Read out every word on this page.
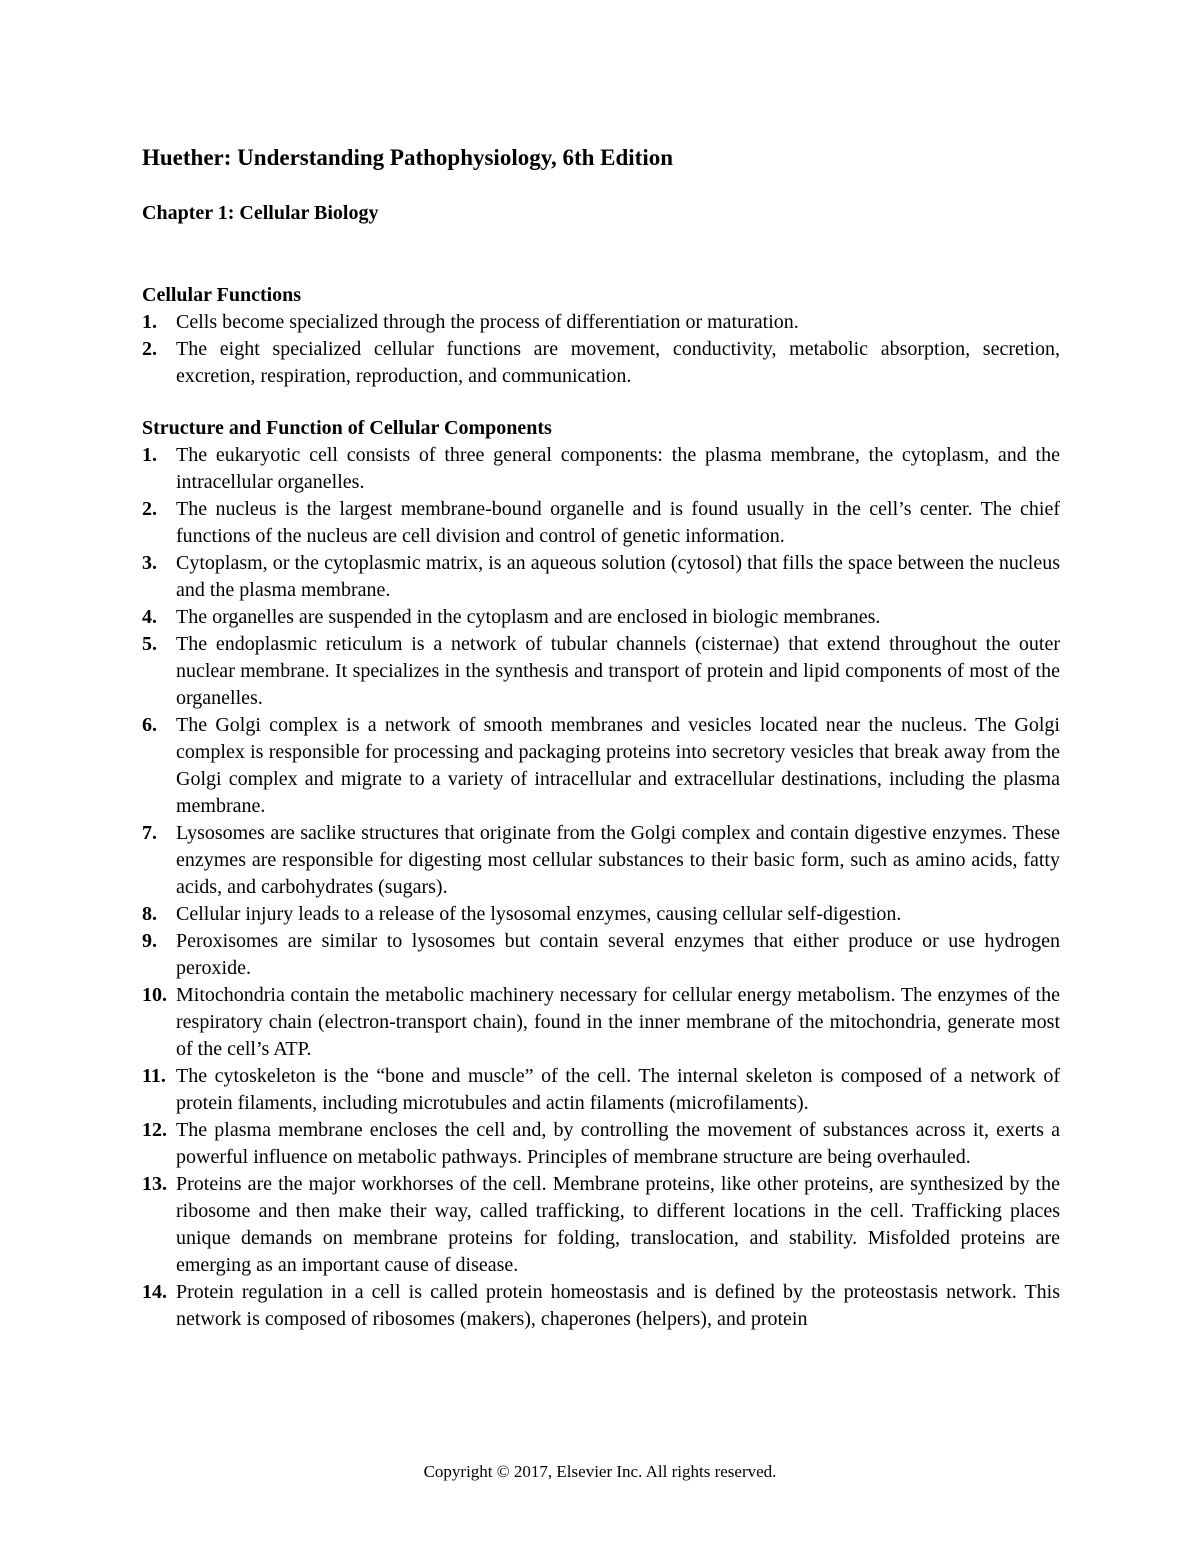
Huether: Understanding Pathophysiology, 6th Edition
Chapter 1: Cellular Biology
Cellular Functions
1. Cells become specialized through the process of differentiation or maturation.
2. The eight specialized cellular functions are movement, conductivity, metabolic absorption, secretion, excretion, respiration, reproduction, and communication.
Structure and Function of Cellular Components
1. The eukaryotic cell consists of three general components: the plasma membrane, the cytoplasm, and the intracellular organelles.
2. The nucleus is the largest membrane-bound organelle and is found usually in the cell’s center. The chief functions of the nucleus are cell division and control of genetic information.
3. Cytoplasm, or the cytoplasmic matrix, is an aqueous solution (cytosol) that fills the space between the nucleus and the plasma membrane.
4. The organelles are suspended in the cytoplasm and are enclosed in biologic membranes.
5. The endoplasmic reticulum is a network of tubular channels (cisternae) that extend throughout the outer nuclear membrane. It specializes in the synthesis and transport of protein and lipid components of most of the organelles.
6. The Golgi complex is a network of smooth membranes and vesicles located near the nucleus. The Golgi complex is responsible for processing and packaging proteins into secretory vesicles that break away from the Golgi complex and migrate to a variety of intracellular and extracellular destinations, including the plasma membrane.
7. Lysosomes are saclike structures that originate from the Golgi complex and contain digestive enzymes. These enzymes are responsible for digesting most cellular substances to their basic form, such as amino acids, fatty acids, and carbohydrates (sugars).
8. Cellular injury leads to a release of the lysosomal enzymes, causing cellular self-digestion.
9. Peroxisomes are similar to lysosomes but contain several enzymes that either produce or use hydrogen peroxide.
10. Mitochondria contain the metabolic machinery necessary for cellular energy metabolism. The enzymes of the respiratory chain (electron-transport chain), found in the inner membrane of the mitochondria, generate most of the cell’s ATP.
11. The cytoskeleton is the “bone and muscle” of the cell. The internal skeleton is composed of a network of protein filaments, including microtubules and actin filaments (microfilaments).
12. The plasma membrane encloses the cell and, by controlling the movement of substances across it, exerts a powerful influence on metabolic pathways. Principles of membrane structure are being overhauled.
13. Proteins are the major workhorses of the cell. Membrane proteins, like other proteins, are synthesized by the ribosome and then make their way, called trafficking, to different locations in the cell. Trafficking places unique demands on membrane proteins for folding, translocation, and stability. Misfolded proteins are emerging as an important cause of disease.
14. Protein regulation in a cell is called protein homeostasis and is defined by the proteostasis network. This network is composed of ribosomes (makers), chaperones (helpers), and protein
Copyright © 2017, Elsevier Inc. All rights reserved.
